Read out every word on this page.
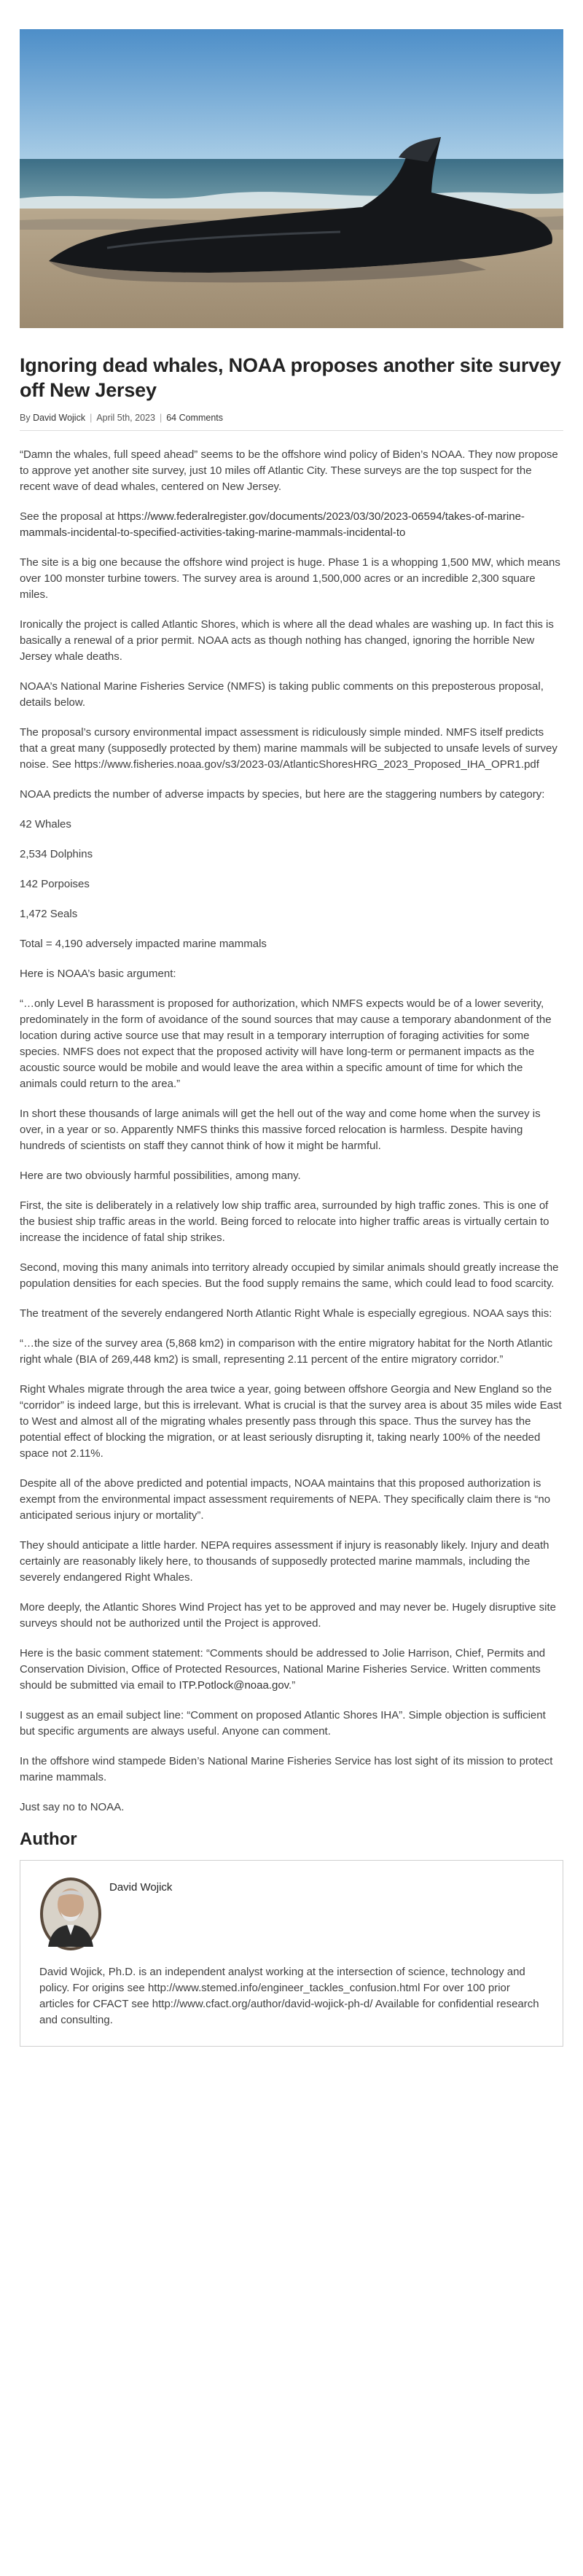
Ignoring dead whales, NOAA proposes another site survey off New Jersey
By David Wojick | April 5th, 2023 | 64 Comments

“Damn the whales, full speed ahead” seems to be the offshore wind policy of Biden’s NOAA. They now propose to approve yet another site survey, just 10 miles off Atlantic City. These surveys are the top suspect for the recent wave of dead whales, centered on New Jersey.

See the proposal at https://www.federalregister.gov/documents/2023/03/30/2023-06594/takes-of-marine-mammals-incidental-to-specified-activities-taking-marine-mammals-incidental-to

The site is a big one because the offshore wind project is huge. Phase 1 is a whopping 1,500 MW, which means over 100 monster turbine towers. The survey area is around 1,500,000 acres or an incredible 2,300 square miles.

Ironically the project is called Atlantic Shores, which is where all the dead whales are washing up. In fact this is basically a renewal of a prior permit. NOAA acts as though nothing has changed, ignoring the horrible New Jersey whale deaths.

NOAA’s National Marine Fisheries Service (NMFS) is taking public comments on this preposterous proposal, details below.

The proposal’s cursory environmental impact assessment is ridiculously simple minded. NMFS itself predicts that a great many (supposedly protected by them) marine mammals will be subjected to unsafe levels of survey noise. See https://www.fisheries.noaa.gov/s3/2023-03/AtlanticShoresHRG_2023_Proposed_IHA_OPR1.pdf

NOAA predicts the number of adverse impacts by species, but here are the staggering numbers by category:

42 Whales

2,534 Dolphins

142 Porpoises

1,472 Seals

Total = 4,190 adversely impacted marine mammals

Here is NOAA’s basic argument:

“…only Level B harassment is proposed for authorization, which NMFS expects would be of a lower severity, predominately in the form of avoidance of the sound sources that may cause a temporary abandonment of the location during active source use that may result in a temporary interruption of foraging activities for some species. NMFS does not expect that the proposed activity will have long-term or permanent impacts as the acoustic source would be mobile and would leave the area within a specific amount of time for which the animals could return to the area.”

In short these thousands of large animals will get the hell out of the way and come home when the survey is over, in a year or so. Apparently NMFS thinks this massive forced relocation is harmless. Despite having hundreds of scientists on staff they cannot think of how it might be harmful.

Here are two obviously harmful possibilities, among many.

First, the site is deliberately in a relatively low ship traffic area, surrounded by high traffic zones. This is one of the busiest ship traffic areas in the world. Being forced to relocate into higher traffic areas is virtually certain to increase the incidence of fatal ship strikes.

Second, moving this many animals into territory already occupied by similar animals should greatly increase the population densities for each species. But the food supply remains the same, which could lead to food scarcity.

The treatment of the severely endangered North Atlantic Right Whale is especially egregious. NOAA says this:

“…the size of the survey area (5,868 km2) in comparison with the entire migratory habitat for the North Atlantic right whale (BIA of 269,448 km2) is small, representing 2.11 percent of the entire migratory corridor.”

Right Whales migrate through the area twice a year, going between offshore Georgia and New England so the “corridor” is indeed large, but this is irrelevant. What is crucial is that the survey area is about 35 miles wide East to West and almost all of the migrating whales presently pass through this space. Thus the survey has the potential effect of blocking the migration, or at least seriously disrupting it, taking nearly 100% of the needed space not 2.11%.

Despite all of the above predicted and potential impacts, NOAA maintains that this proposed authorization is exempt from the environmental impact assessment requirements of NEPA. They specifically claim there is “no anticipated serious injury or mortality”.

They should anticipate a little harder. NEPA requires assessment if injury is reasonably likely. Injury and death certainly are reasonably likely here, to thousands of supposedly protected marine mammals, including the severely endangered Right Whales.

More deeply, the Atlantic Shores Wind Project has yet to be approved and may never be. Hugely disruptive site surveys should not be authorized until the Project is approved.

Here is the basic comment statement: “Comments should be addressed to Jolie Harrison, Chief, Permits and Conservation Division, Office of Protected Resources, National Marine Fisheries Service. Written comments should be submitted via email to ITP.Potlock@noaa.gov.”

I suggest as an email subject line: “Comment on proposed Atlantic Shores IHA”. Simple objection is sufficient but specific arguments are always useful. Anyone can comment.

In the offshore wind stampede Biden’s National Marine Fisheries Service has lost sight of its mission to protect marine mammals.

Just say no to NOAA.

Author
David Wojick
David Wojick, Ph.D. is an independent analyst working at the intersection of science, technology and policy. For origins see http://www.stemed.info/engineer_tackles_confusion.html For over 100 prior articles for CFACT see http://www.cfact.org/author/david-wojick-ph-d/ Available for confidential research and consulting.
